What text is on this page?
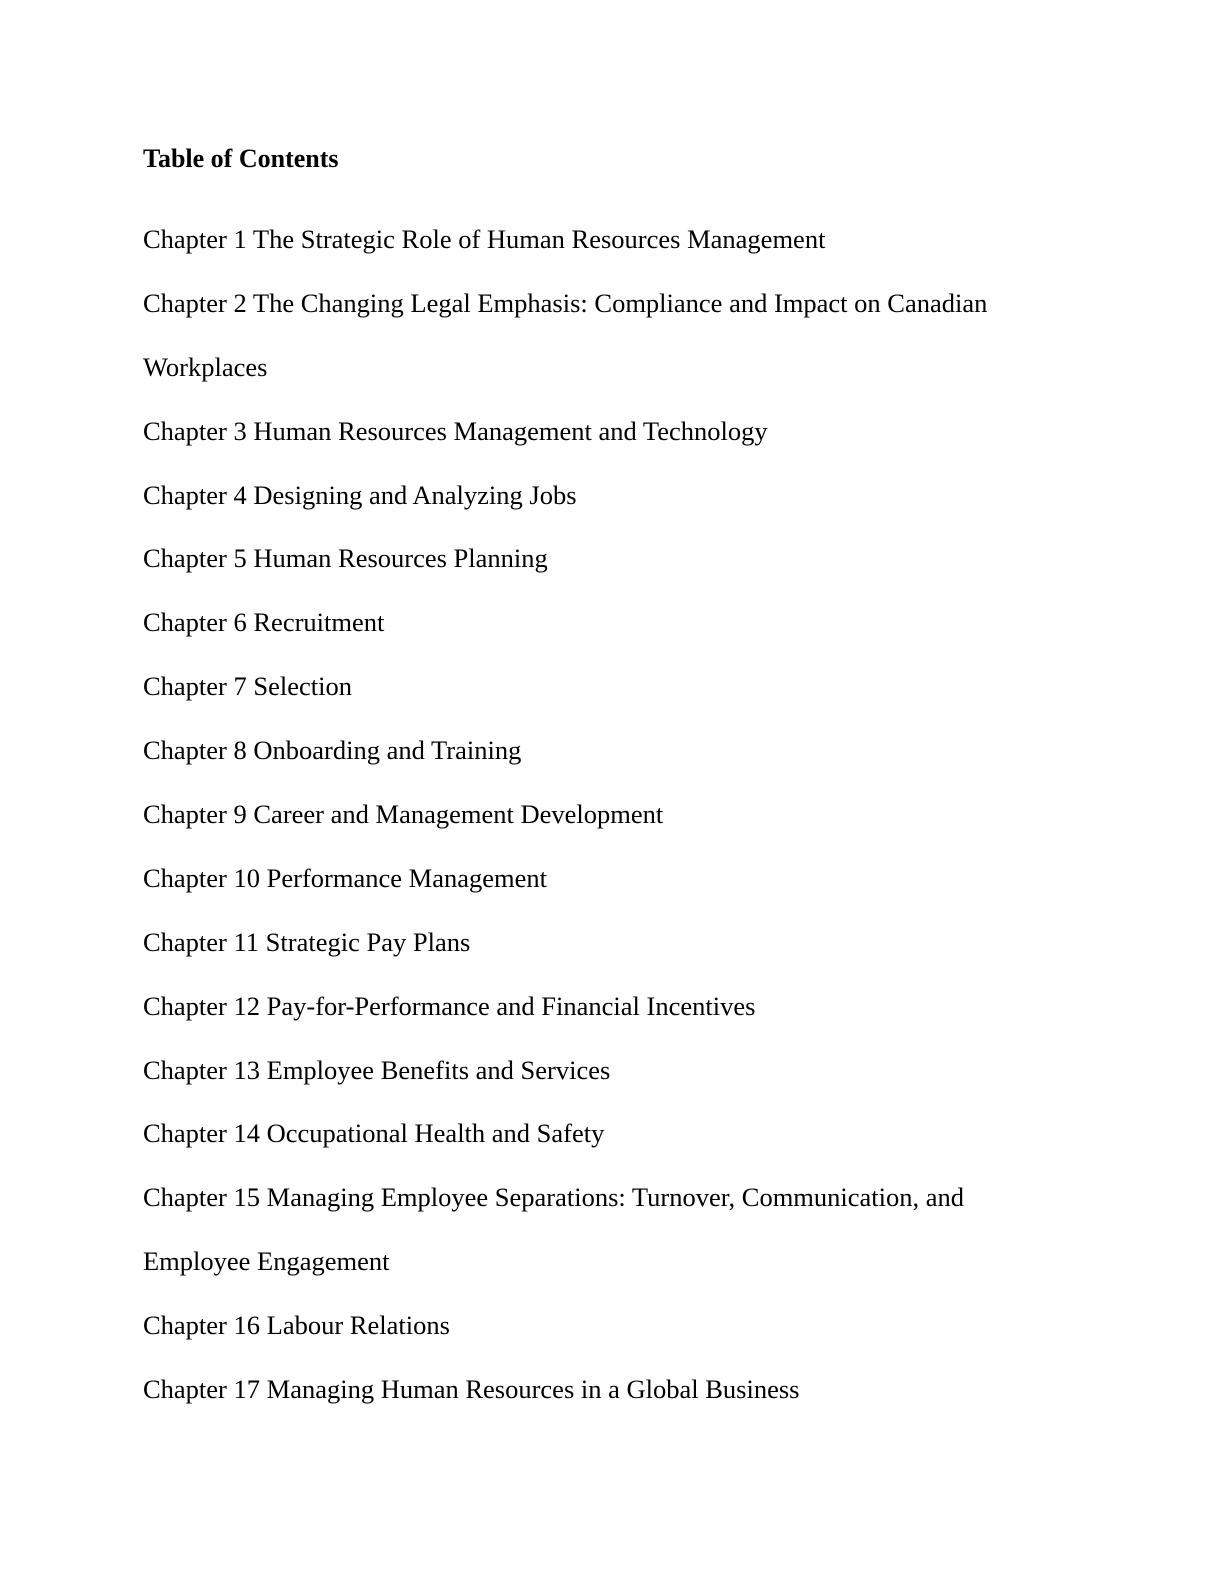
Table of Contents
Chapter 1 The Strategic Role of Human Resources Management
Chapter 2 The Changing Legal Emphasis: Compliance and Impact on Canadian
Workplaces
Chapter 3 Human Resources Management and Technology
Chapter 4 Designing and Analyzing Jobs
Chapter 5 Human Resources Planning
Chapter 6 Recruitment
Chapter 7 Selection
Chapter 8 Onboarding and Training
Chapter 9 Career and Management Development
Chapter 10 Performance Management
Chapter 11 Strategic Pay Plans
Chapter 12 Pay-for-Performance and Financial Incentives
Chapter 13 Employee Benefits and Services
Chapter 14 Occupational Health and Safety
Chapter 15 Managing Employee Separations: Turnover, Communication, and
Employee Engagement
Chapter 16 Labour Relations
Chapter 17 Managing Human Resources in a Global Business
